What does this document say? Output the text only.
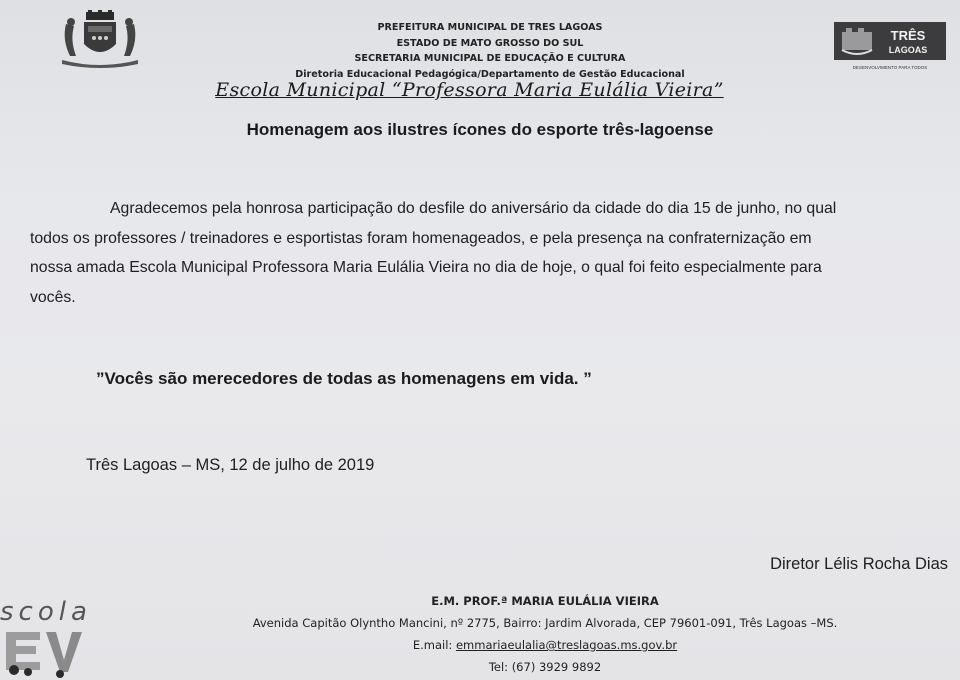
PREFEITURA MUNICIPAL DE TRES LAGOAS
ESTADO DE MATO GROSSO DO SUL
SECRETARIA MUNICIPAL DE EDUCAÇÃO E CULTURA
Diretoria Educacional Pedagógica/Departamento de Gestão Educacional
TRÊS
LAGOAS
DESENVOLVIMENTO PARA TODOS
Escola Municipal “Professora Maria Eulália Vieira”
Homenagem aos ilustres ícones do esporte três-lagoense
Agradecemos pela honrosa participação do desfile do aniversário da cidade do dia 15 de junho, no qual
todos os professores / treinadores e esportistas foram homenageados, e pela presença na confraternização em
nossa amada Escola Municipal Professora Maria Eulália Vieira no dia de hoje, o qual foi feito especialmente para
vocês.
”Vocês são merecedores de todas as homenagens em vida. ”
Três Lagoas – MS, 12 de julho de 2019
Diretor Lélis Rocha Dias
scola	E.M. PROF.ª MARIA EULÁLIA VIEIRA
Avenida Capitão Olyntho Mancini, nº 2775, Bairro: Jardim Alvorada, CEP 79601-091, Três Lagoas –MS.
E.mail: emmariaeulalia@treslagoas.ms.gov.br
Tel: (67) 3929 9892
